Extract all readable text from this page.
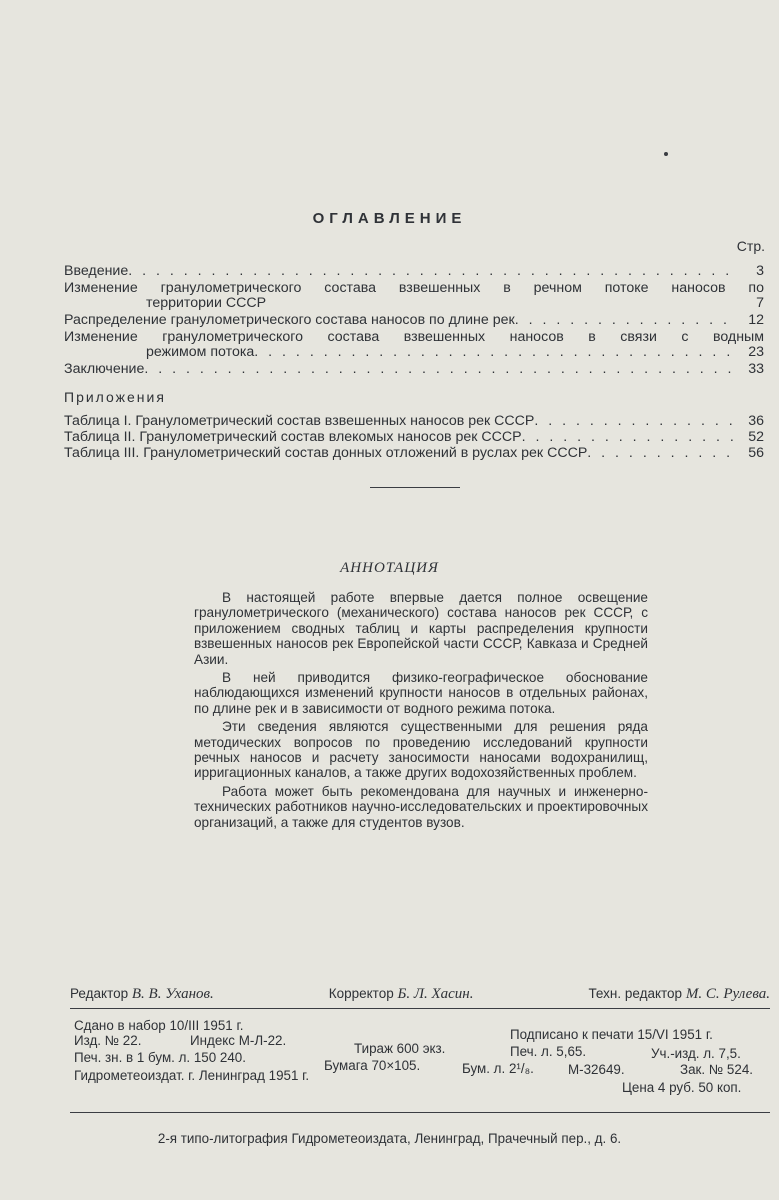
ОГЛАВЛЕНИЕ
Стр.
Введение . . .	3
Изменение гранулометрического состава взвешенных в речном потоке наносов по
территории СССР	7
Распределение гранулометрического состава наносов по длине рек . . .	12
Изменение гранулометрического состава взвешенных наносов в связи с водным
режимом потока . . .	23
Заключение . . .	33
Приложения
Таблица I. Гранулометрический состав взвешенных наносов рек СССР . . .	36
Таблица II. Гранулометрический состав влекомых наносов рек СССР . . .	52
Таблица III. Гранулометрический состав донных отложений в руслах рек СССР . . .	56
АННОТАЦИЯ

В настоящей работе впервые дается полное освещение гранулометрического (механического) состава наносов рек СССР, с приложением сводных таблиц и карты распределения крупности взвешенных наносов рек Европейской части СССР, Кавказа и Средней Азии.

В ней приводится физико-географическое обоснование наблюдающихся изменений крупности наносов в отдельных районах, по длине рек и в зависимости от водного режима потока.

Эти сведения являются существенными для решения ряда методических вопросов по проведению исследований крупности речных наносов и расчету заносимости наносами водохранилищ, ирригационных каналов, а также других водохозяйственных проблем.

Работа может быть рекомендована для научных и инженерно-технических работников научно-исследовательских и проектировочных организаций, а также для студентов вузов.

Редактор В. В. Уханов.	Корректор Б. Л. Хасин.	Техн. редактор М. С. Рулева.
Сдано в набор 10/III 1951 г.
Подписано к печати 15/VI 1951 г.
Изд. № 22.	Индекс М-Л-22.
Тираж 600 экз.	Печ. л. 5,65.	Уч.-изд. л. 7,5.
Печ. зн. в 1 бум. л. 150 240.
Бумага 70×105.	Бум. л. 2¹/₈.	М-32649.	Зак. № 524.
Гидрометеоиздат. г. Ленинград 1951 г.
Цена 4 руб. 50 коп.
2-я типо-литография Гидрометеоиздата, Ленинград, Прачечный пер., д. 6.
